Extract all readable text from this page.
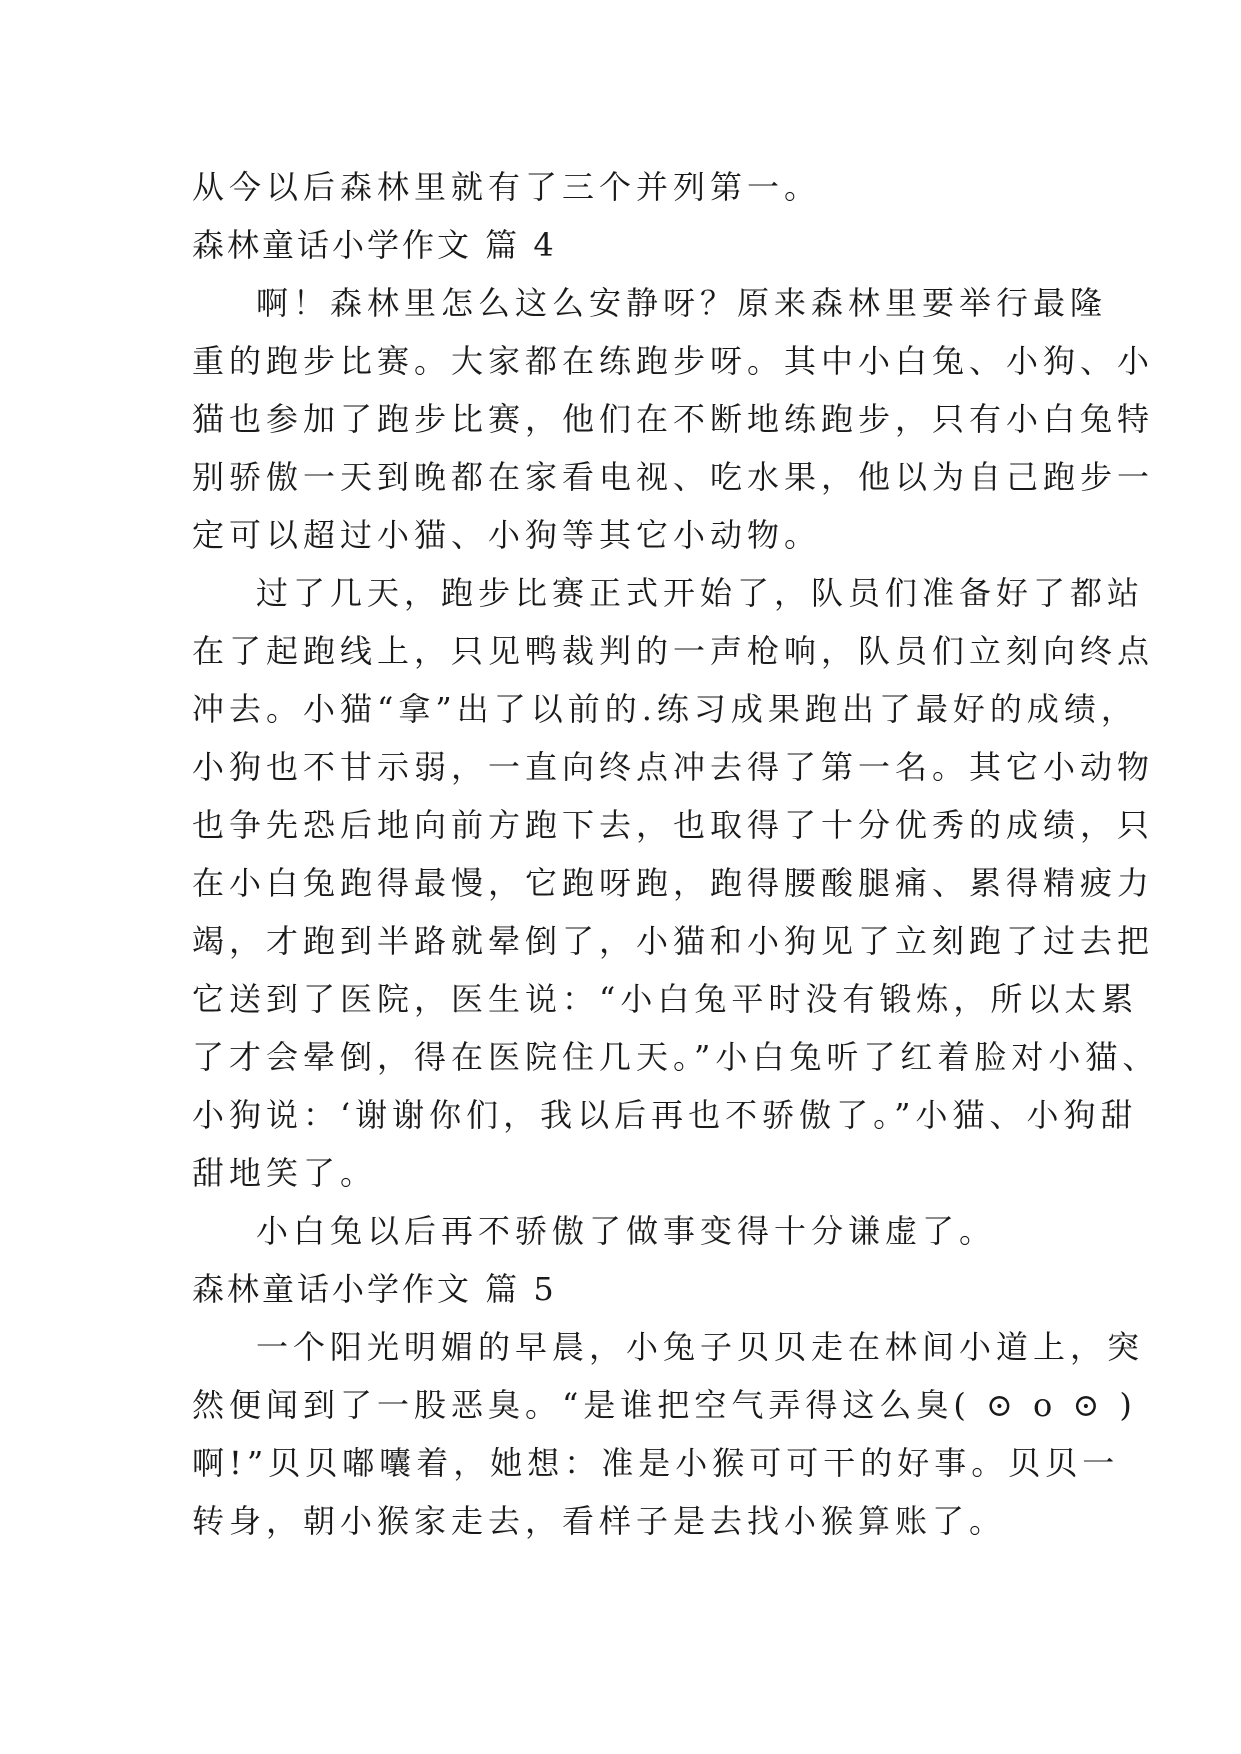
从今以后森林里就有了三个并列第一。
森林童话小学作文 篇 4
啊！森林里怎么这么安静呀？原来森林里要举行最隆
重的跑步比赛。大家都在练跑步呀。其中小白兔、小狗、小
猫也参加了跑步比赛，他们在不断地练跑步，只有小白兔特
别骄傲一天到晚都在家看电视、吃水果，他以为自己跑步一
定可以超过小猫、小狗等其它小动物。
过了几天，跑步比赛正式开始了，队员们准备好了都站
在了起跑线上，只见鸭裁判的一声枪响，队员们立刻向终点
冲去。小猫“拿”出了以前的.练习成果跑出了最好的成绩，
小狗也不甘示弱，一直向终点冲去得了第一名。其它小动物
也争先恐后地向前方跑下去，也取得了十分优秀的成绩，只
在小白兔跑得最慢，它跑呀跑，跑得腰酸腿痛、累得精疲力
竭，才跑到半路就晕倒了，小猫和小狗见了立刻跑了过去把
它送到了医院，医生说：“小白兔平时没有锻炼，所以太累
了才会晕倒，得在医院住几天。”小白兔听了红着脸对小猫、
小狗说：‘谢谢你们，我以后再也不骄傲了。”小猫、小狗甜
甜地笑了。
小白兔以后再不骄傲了做事变得十分谦虚了。
森林童话小学作文 篇 5
一个阳光明媚的早晨，小兔子贝贝走在林间小道上，突
然便闻到了一股恶臭。“是谁把空气弄得这么臭( ⊙ o ⊙ )
啊!”贝贝嘟囔着，她想：准是小猴可可干的好事。贝贝一
转身，朝小猴家走去，看样子是去找小猴算账了。
